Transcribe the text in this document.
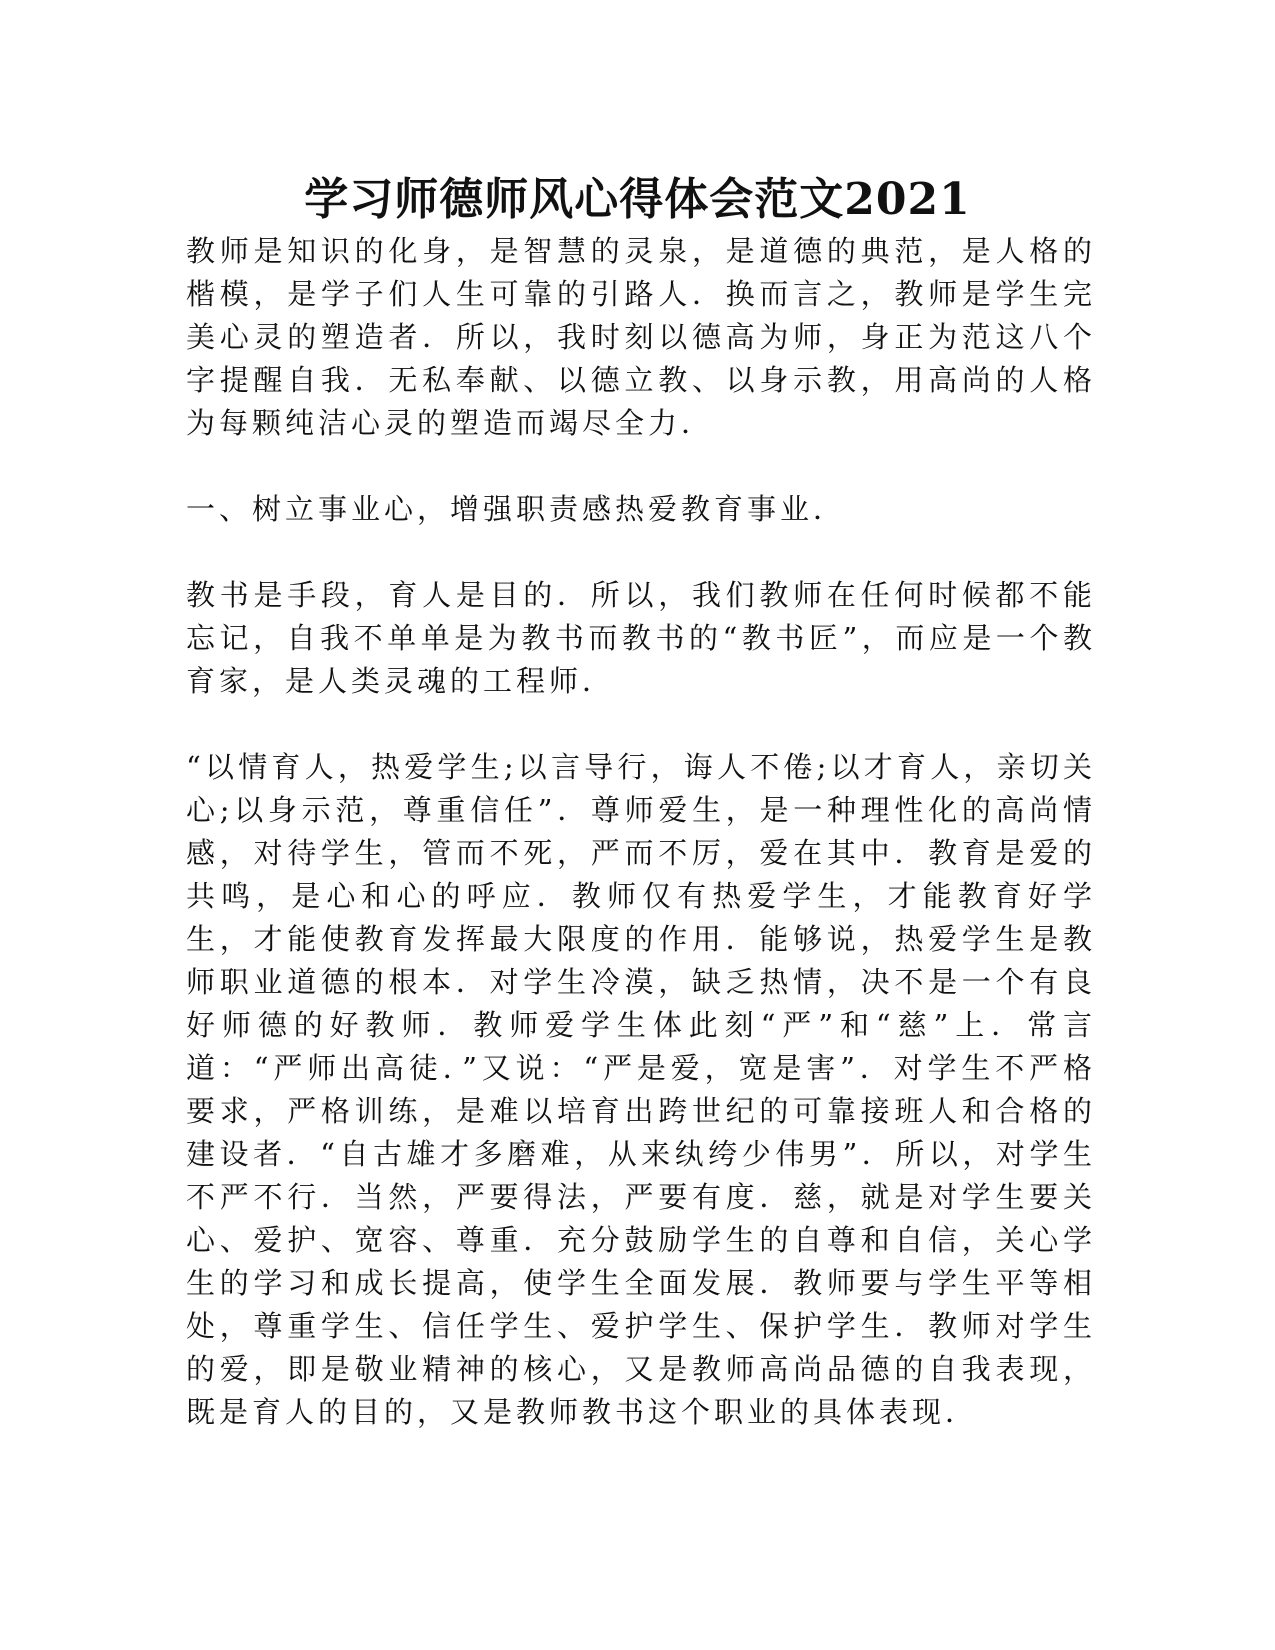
学习师德师风心得体会范文2021

教师是知识的化身，是智慧的灵泉，是道德的典范，是人格的楷模，是学子们人生可靠的引路人．换而言之，教师是学生完美心灵的塑造者．所以，我时刻以德高为师，身正为范这八个字提醒自我．无私奉献、以德立教、以身示教，用高尚的人格为每颗纯洁心灵的塑造而竭尽全力．

一、树立事业心，增强职责感热爱教育事业．

教书是手段，育人是目的．所以，我们教师在任何时候都不能忘记，自我不单单是为教书而教书的“教书匠”，而应是一个教育家，是人类灵魂的工程师．

“以情育人，热爱学生;以言导行，诲人不倦;以才育人，亲切关心;以身示范，尊重信任”．尊师爱生，是一种理性化的高尚情感，对待学生，管而不死，严而不厉，爱在其中．教育是爱的共鸣，是心和心的呼应．教师仅有热爱学生，才能教育好学生，才能使教育发挥最大限度的作用．能够说，热爱学生是教师职业道德的根本．对学生冷漠，缺乏热情，决不是一个有良好师德的好教师．教师爱学生体此刻“严”和“慈”上．常言道：“严师出高徒．”又说：“严是爱，宽是害”．对学生不严格要求，严格训练，是难以培育出跨世纪的可靠接班人和合格的建设者．“自古雄才多磨难，从来纨绔少伟男”．所以，对学生不严不行．当然，严要得法，严要有度．慈，就是对学生要关心、爱护、宽容、尊重．充分鼓励学生的自尊和自信，关心学生的学习和成长提高，使学生全面发展．教师要与学生平等相处，尊重学生、信任学生、爱护学生、保护学生．教师对学生的爱，即是敬业精神的核心，又是教师高尚品德的自我表现，既是育人的目的，又是教师教书这个职业的具体表现．
